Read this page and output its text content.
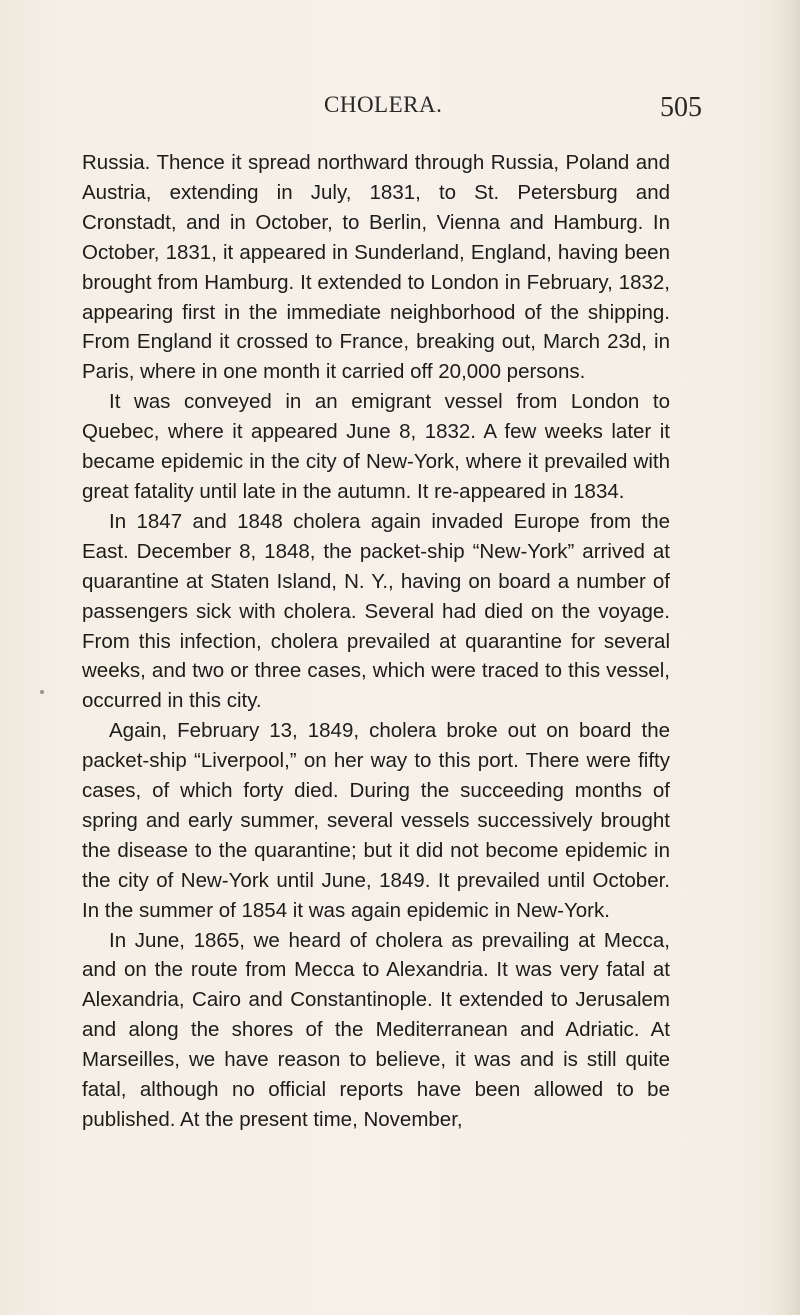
CHOLERA.	505

Russia. Thence it spread northward through Russia, Poland and Austria, extending in July, 1831, to St. Petersburg and Cronstadt, and in October, to Berlin, Vienna and Hamburg. In October, 1831, it appeared in Sunderland, England, having been brought from Hamburg. It extended to London in February, 1832, appearing first in the immediate neighborhood of the shipping. From England it crossed to France, breaking out, March 23d, in Paris, where in one month it carried off 20,000 persons.

It was conveyed in an emigrant vessel from London to Quebec, where it appeared June 8, 1832. A few weeks later it became epidemic in the city of New-York, where it prevailed with great fatality until late in the autumn. It re-appeared in 1834.

In 1847 and 1848 cholera again invaded Europe from the East. December 8, 1848, the packet-ship “New-York” arrived at quarantine at Staten Island, N. Y., having on board a number of passengers sick with cholera. Several had died on the voyage. From this infection, cholera prevailed at quarantine for several weeks, and two or three cases, which were traced to this vessel, occurred in this city.

Again, February 13, 1849, cholera broke out on board the packet-ship “Liverpool,” on her way to this port. There were fifty cases, of which forty died. During the succeeding months of spring and early summer, several vessels successively brought the disease to the quarantine; but it did not become epidemic in the city of New-York until June, 1849. It prevailed until October. In the summer of 1854 it was again epidemic in New-York.

In June, 1865, we heard of cholera as prevailing at Mecca, and on the route from Mecca to Alexandria. It was very fatal at Alexandria, Cairo and Constantinople. It extended to Jerusalem and along the shores of the Mediterranean and Adriatic. At Marseilles, we have reason to believe, it was and is still quite fatal, although no official reports have been allowed to be published. At the present time, November,
